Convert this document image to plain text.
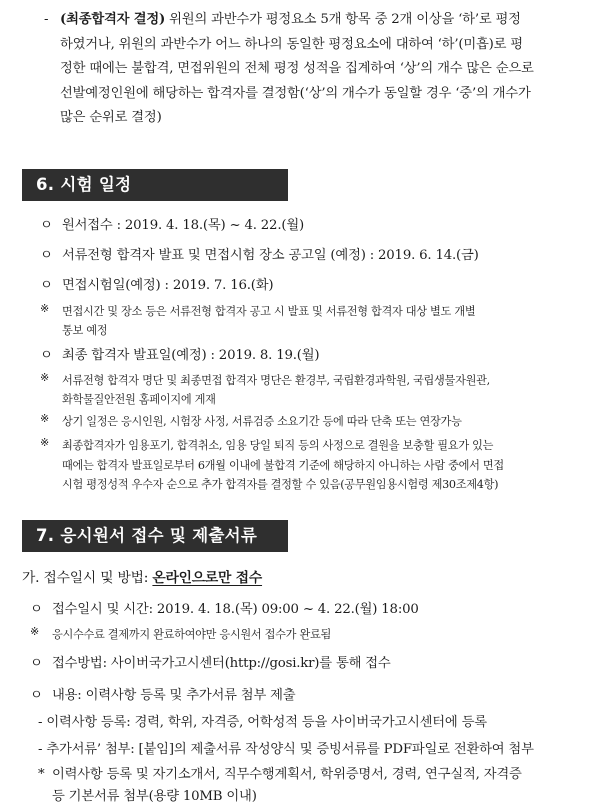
- (최종합격자 결정) 위원의 과반수가 평정요소 5개 항목 중 2개 이상을 ‘하’로 평정
하였거나, 위원의 과반수가 어느 하나의 동일한 평정요소에 대하여 ‘하’(미흡)로 평
정한 때에는 불합격, 면접위원의 전체 평정 성적을 집계하여 ‘상’의 개수 많은 순으로
선발예정인원에 해당하는 합격자를 결정함(‘상’의 개수가 동일할 경우 ‘중’의 개수가
많은 순위로 결정)
6. 시험 일정
ㅇ 원서접수 : 2019. 4. 18.(목) ~ 4. 22.(월)
ㅇ 서류전형 합격자 발표 및 면접시험 장소 공고일 (예정) : 2019. 6. 14.(금)
ㅇ 면접시험일(예정) : 2019. 7. 16.(화)
※ 면접시간 및 장소 등은 서류전형 합격자 공고 시 발표 및 서류전형 합격자 대상 별도 개별
통보 예정
ㅇ 최종 합격자 발표일(예정) : 2019. 8. 19.(월)
※ 서류전형 합격자 명단 및 최종면접 합격자 명단은 환경부, 국립환경과학원, 국립생물자원관,
화학물질안전원 홈페이지에 게재
※ 상기 일정은 응시인원, 시험장 사정, 서류검증 소요기간 등에 따라 단축 또는 연장가능
※ 최종합격자가 임용포기, 합격취소, 임용 당일 퇴직 등의 사정으로 결원을 보충할 필요가 있는
때에는 합격자 발표일로부터 6개월 이내에 불합격 기준에 해당하지 아니하는 사람 중에서 면접
시험 평정성적 우수자 순으로 추가 합격자를 결정할 수 있음(공무원임용시험령 제30조제4항)
7. 응시원서 접수 및 제출서류
가. 접수일시 및 방법: 온라인으로만 접수
ㅇ 접수일시 및 시간: 2019. 4. 18.(목) 09:00 ~ 4. 22.(월) 18:00
※ 응시수수료 결제까지 완료하여야만 응시원서 접수가 완료됨
ㅇ 접수방법: 사이버국가고시센터(http://gosi.kr)를 통해 접수
ㅇ 내용: 이력사항 등록 및 추가서류 첨부 제출
- 이력사항 등록: 경력, 학위, 자격증, 어학성적 등을 사이버국가고시센터에 등록
- 추가서류’ 첨부: [붙임]의 제출서류 작성양식 및 증빙서류를 PDF파일로 전환하여 첨부
* 이력사항 등록 및 자기소개서, 직무수행계획서, 학위증명서, 경력, 연구실적, 자격증
등 기본서류 첨부(용량 10MB 이내)
